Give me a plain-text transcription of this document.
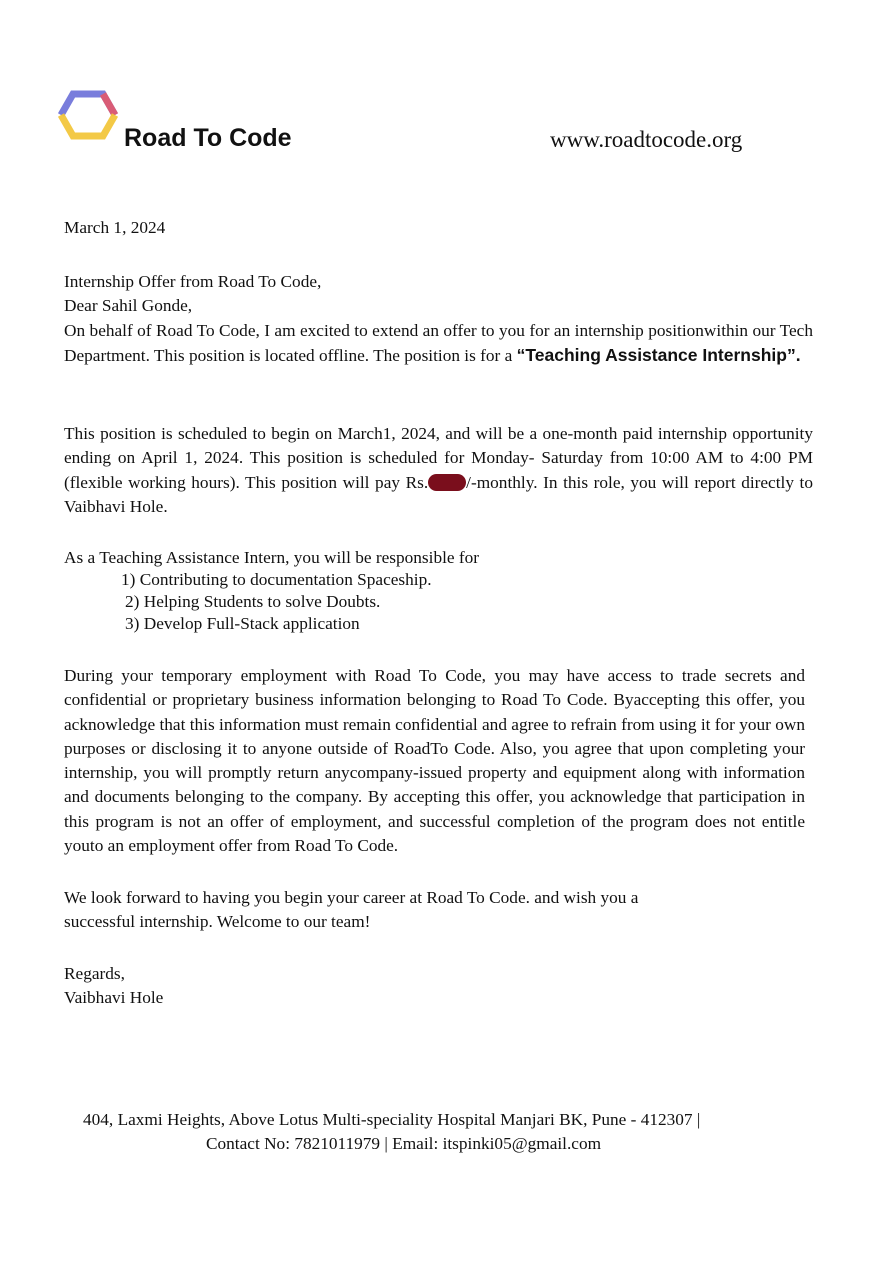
Road To Code	www.roadtocode.org
March 1, 2024

Internship Offer from Road To Code,

Dear Sahil Gonde,

On behalf of Road To Code, I am excited to extend an offer to you for an internship positionwithin our Tech Department. This position is located offline. The position is for a “Teaching Assistance Internship”.

This position is scheduled to begin on March1, 2024, and will be a one-month paid internship opportunity ending on April 1, 2024. This position is scheduled for Monday- Saturday from 10:00 AM to 4:00 PM (flexible working hours). This position will pay Rs. /-monthly. In this role, you will report directly to Vaibhavi Hole.
As a Teaching Assistance Intern, you will be responsible for
1) Contributing to documentation Spaceship.
2) Helping Students to solve Doubts.
3) Develop Full-Stack application
During your temporary employment with Road To Code, you may have access to trade secrets and confidential or proprietary business information belonging to Road To Code. Byaccepting this offer, you acknowledge that this information must remain confidential and agree to refrain from using it for your own purposes or disclosing it to anyone outside of RoadTo Code. Also, you agree that upon completing your internship, you will promptly return anycompany-issued property and equipment along with information and documents belonging to the company. By accepting this offer, you acknowledge that participation in this program is not an offer of employment, and successful completion of the program does not entitle youto an employment offer from Road To Code.
We look forward to having you begin your career at Road To Code. and wish you a
successful internship. Welcome to our team!

Regards,

Vaibhavi Hole

404, Laxmi Heights, Above Lotus Multi-speciality Hospital Manjari BK, Pune - 412307 |
Contact No: 7821011979 | Email: itspinki05@gmail.com
